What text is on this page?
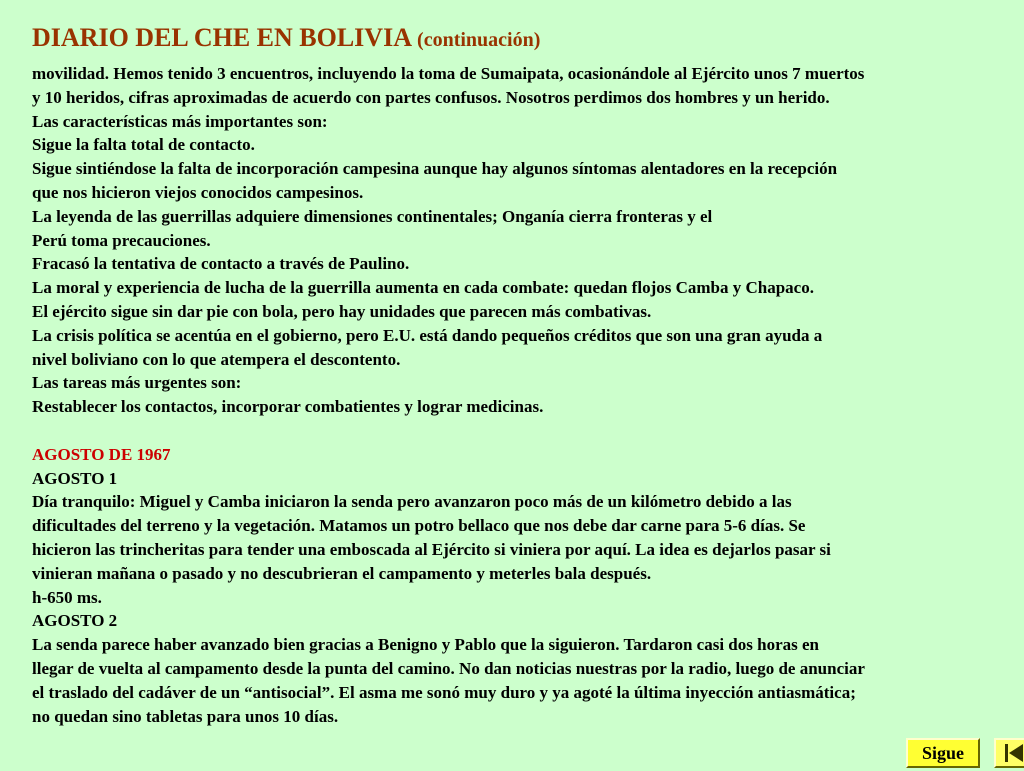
DIARIO DEL CHE EN BOLIVIA (continuación)
movilidad. Hemos tenido 3 encuentros, incluyendo la toma de Sumaipata, ocasionándole al Ejército unos 7 muertos
y 10 heridos, cifras aproximadas de acuerdo con partes confusos. Nosotros perdimos dos hombres y un herido.
Las características más importantes son:
Sigue la falta total de contacto.
Sigue sintiéndose la falta de incorporación campesina aunque hay algunos síntomas alentadores en la recepción
que nos hicieron viejos conocidos campesinos.
La leyenda de las guerrillas adquiere dimensiones continentales; Onganía cierra fronteras y el
Perú toma precauciones.
Fracasó la tentativa de contacto a través de Paulino.
La moral y experiencia de lucha de la guerrilla aumenta en cada combate: quedan flojos Camba y Chapaco.
El ejército sigue sin dar pie con bola, pero hay unidades que parecen más combativas.
La crisis política se acentúa en el gobierno, pero E.U. está dando pequeños créditos que son una gran ayuda a
nivel boliviano con lo que atempera el descontento.
Las tareas más urgentes son:
Restablecer los contactos, incorporar combatientes y lograr medicinas.
AGOSTO DE 1967
AGOSTO 1
Día tranquilo: Miguel y Camba iniciaron la senda pero avanzaron poco más de un kilómetro debido a las
dificultades del terreno y la vegetación. Matamos un potro bellaco que nos debe dar carne para 5-6 días. Se
hicieron las trincheritas para tender una emboscada al Ejército si viniera por aquí. La idea es dejarlos pasar si
vinieran mañana o pasado y no descubrieran el campamento y meterles bala después.
h-650 ms.
AGOSTO 2
La senda parece haber avanzado bien gracias a Benigno y Pablo que la siguieron. Tardaron casi dos horas en
llegar de vuelta al campamento desde la punta del camino. No dan noticias nuestras por la radio, luego de anunciar
el traslado del cadáver de un “antisocial”. El asma me sonó muy duro y ya agoté la última inyección antiasmática;
no quedan sino tabletas para unos 10 días.
Sigue
